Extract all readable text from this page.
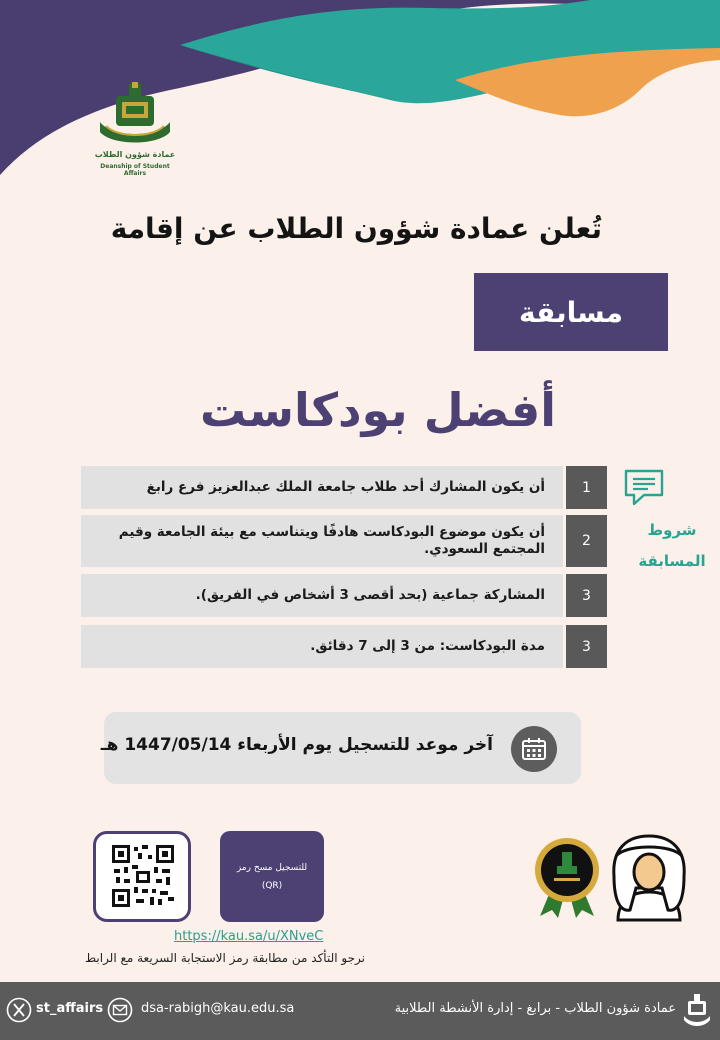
عمادة شؤون الطلاب
Deanship of Student Affairs
تُعلن عمادة شؤون الطلاب عن إقامة
مسابقة
أفضل بودكاست
شروط
المسابقة
أن يكون المشارك أحد طلاب جامعة الملك عبدالعزيز فرع رابغ	1
أن يكون موضوع البودكاست هادفًا ويتناسب مع بيئة الجامعة وقيم المجتمع السعودي.	2
المشاركة جماعية (بحد أقصى 3 أشخاص في الفريق).	3
مدة البودكاست: من 3 إلى 7 دقائق.	3
آخر موعد للتسجيل يوم الأربعاء 1447/05/14 هـ
للتسجيل مسح رمز
(QR)
https://kau.sa/u/XNveC
نرجو التأكد من مطابقة رمز الاستجابة السريعة مع الرابط
st_affairs	dsa-rabigh@kau.edu.sa	عمادة شؤون الطلاب - برابغ - إدارة الأنشطة الطلابية
